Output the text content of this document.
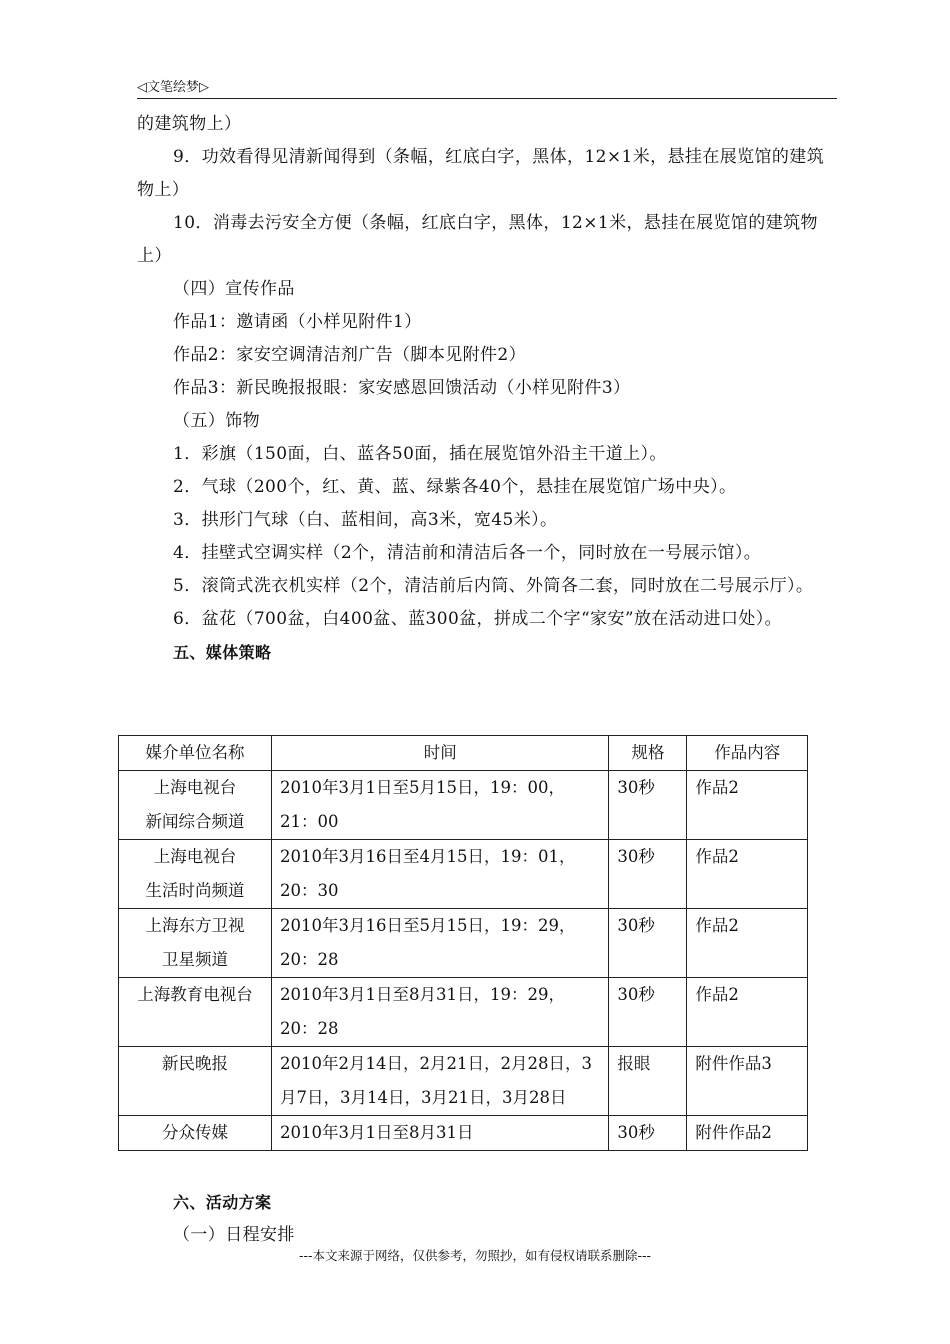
◁文笔绘梦▷

的建筑物上）

9．功效看得见清新闻得到（条幅，红底白字，黑体，12×1米，悬挂在展览馆的建筑物上）

10．消毒去污安全方便（条幅，红底白字，黑体，12×1米，悬挂在展览馆的建筑物上）

（四）宣传作品

作品1：邀请函（小样见附件1）

作品2：家安空调清洁剂广告（脚本见附件2）

作品3：新民晚报报眼：家安感恩回馈活动（小样见附件3）

（五）饰物

1．彩旗（150面，白、蓝各50面，插在展览馆外沿主干道上）。

2．气球（200个，红、黄、蓝、绿紫各40个，悬挂在展览馆广场中央）。

3．拱形门气球（白、蓝相间，高3米，宽45米）。

4．挂壁式空调实样（2个，清洁前和清洁后各一个，同时放在一号展示馆）。

5．滚筒式洗衣机实样（2个，清洁前后内筒、外筒各二套，同时放在二号展示厅）。

6．盆花（700盆，白400盆、蓝300盆，拼成二个字“家安”放在活动进口处）。

五、媒体策略

媒介单位名称	时间	规格	作品内容
上海电视台
新闻综合频道	2010年3月1日至5月15日，19：00，21：00	30秒	作品2
上海电视台
生活时尚频道	2010年3月16日至4月15日，19：01，20：30	30秒	作品2
上海东方卫视
卫星频道	2010年3月16日至5月15日，19：29，20：28	30秒	作品2
上海教育电视台	2010年3月1日至8月31日，19：29，20：28	30秒	作品2
新民晚报	2010年2月14日，2月21日，2月28日，3月7日，3月14日，3月21日，3月28日	报眼	附件作品3
分众传媒	2010年3月1日至8月31日	30秒	附件作品2

六、活动方案

（一）日程安排

---本文来源于网络，仅供参考，勿照抄，如有侵权请联系删除---
